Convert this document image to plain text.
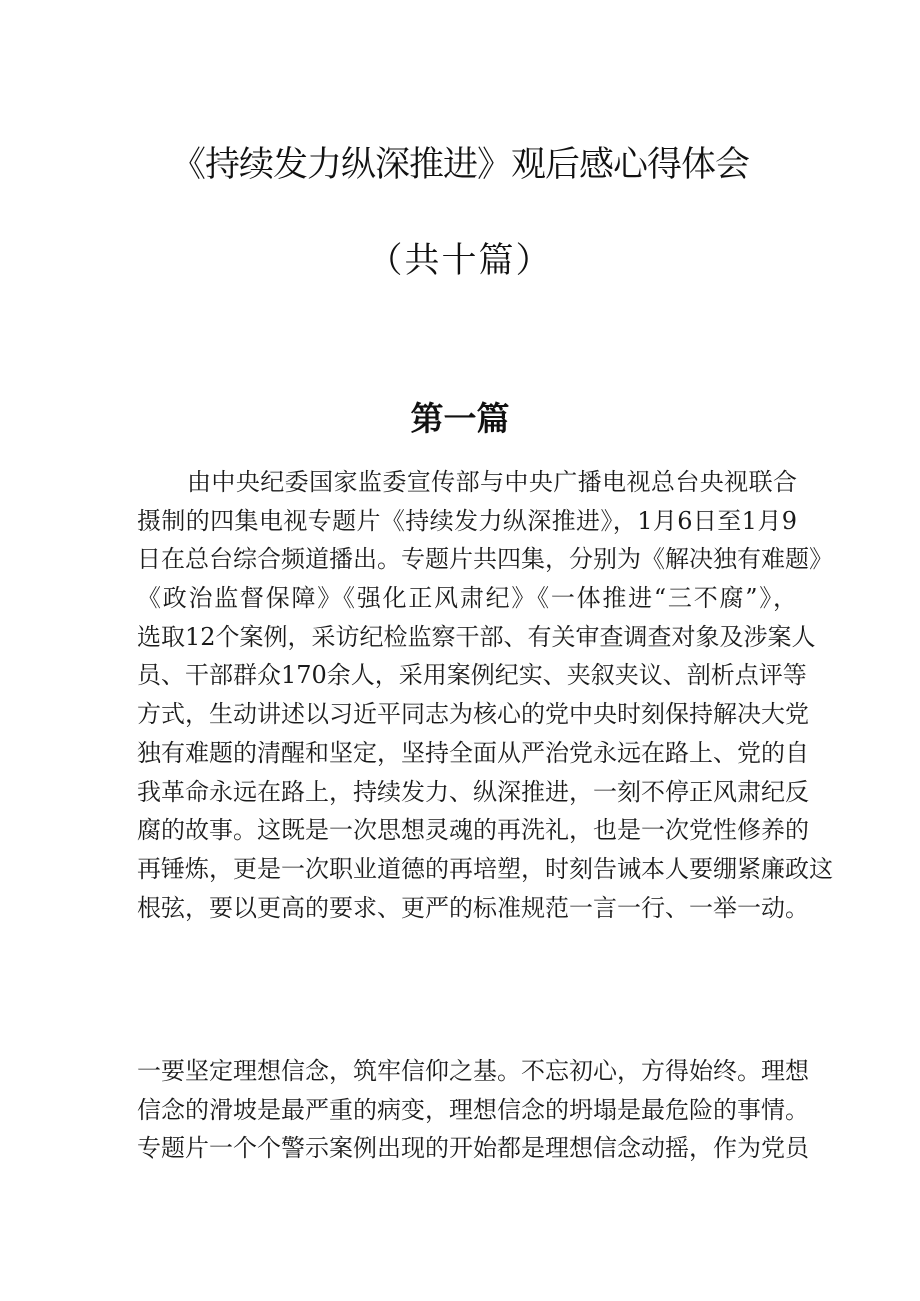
《持续发力纵深推进》观后感心得体会
（共十篇）
第一篇
由中央纪委国家监委宣传部与中央广播电视总台央视联合
摄制的四集电视专题片《持续发力纵深推进》，1月6日至1月9
日在总台综合频道播出。专题片共四集，分别为《解决独有难题》
《政治监督保障》《强化正风肃纪》《一体推进“三不腐”》，
选取12个案例，采访纪检监察干部、有关审查调查对象及涉案人
员、干部群众170余人，采用案例纪实、夹叙夹议、剖析点评等
方式，生动讲述以习近平同志为核心的党中央时刻保持解决大党
独有难题的清醒和坚定，坚持全面从严治党永远在路上、党的自
我革命永远在路上，持续发力、纵深推进，一刻不停正风肃纪反
腐的故事。这既是一次思想灵魂的再洗礼，也是一次党性修养的
再锤炼，更是一次职业道德的再培塑，时刻告诫本人要绷紧廉政这
根弦，要以更高的要求、更严的标准规范一言一行、一举一动。
一要坚定理想信念，筑牢信仰之基。不忘初心，方得始终。理想
信念的滑坡是最严重的病变，理想信念的坍塌是最危险的事情。
专题片一个个警示案例出现的开始都是理想信念动摇，作为党员
